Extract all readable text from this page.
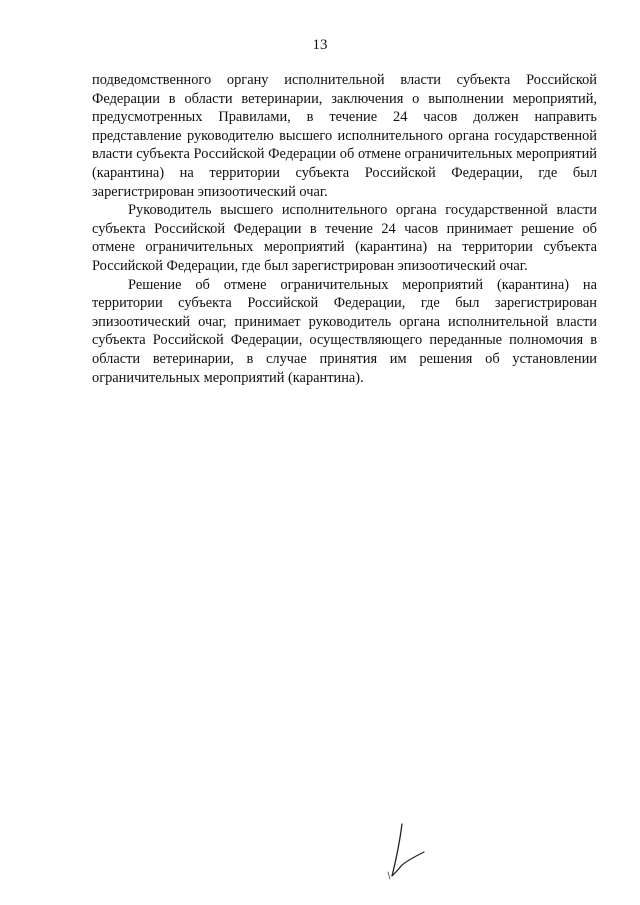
13

подведомственного органу исполнительной власти субъекта Российской Федерации в области ветеринарии, заключения о выполнении мероприятий, предусмотренных Правилами, в течение 24 часов должен направить представление руководителю высшего исполнительного органа государственной власти субъекта Российской Федерации об отмене ограничительных мероприятий (карантина) на территории субъекта Российской Федерации, где был зарегистрирован эпизоотический очаг.

Руководитель высшего исполнительного органа государственной власти субъекта Российской Федерации в течение 24 часов принимает решение об отмене ограничительных мероприятий (карантина) на территории субъекта Российской Федерации, где был зарегистрирован эпизоотический очаг.

Решение об отмене ограничительных мероприятий (карантина) на территории субъекта Российской Федерации, где был зарегистрирован эпизоотический очаг, принимает руководитель органа исполнительной власти субъекта Российской Федерации, осуществляющего переданные полномочия в области ветеринарии, в случае принятия им решения об установлении ограничительных мероприятий (карантина).
